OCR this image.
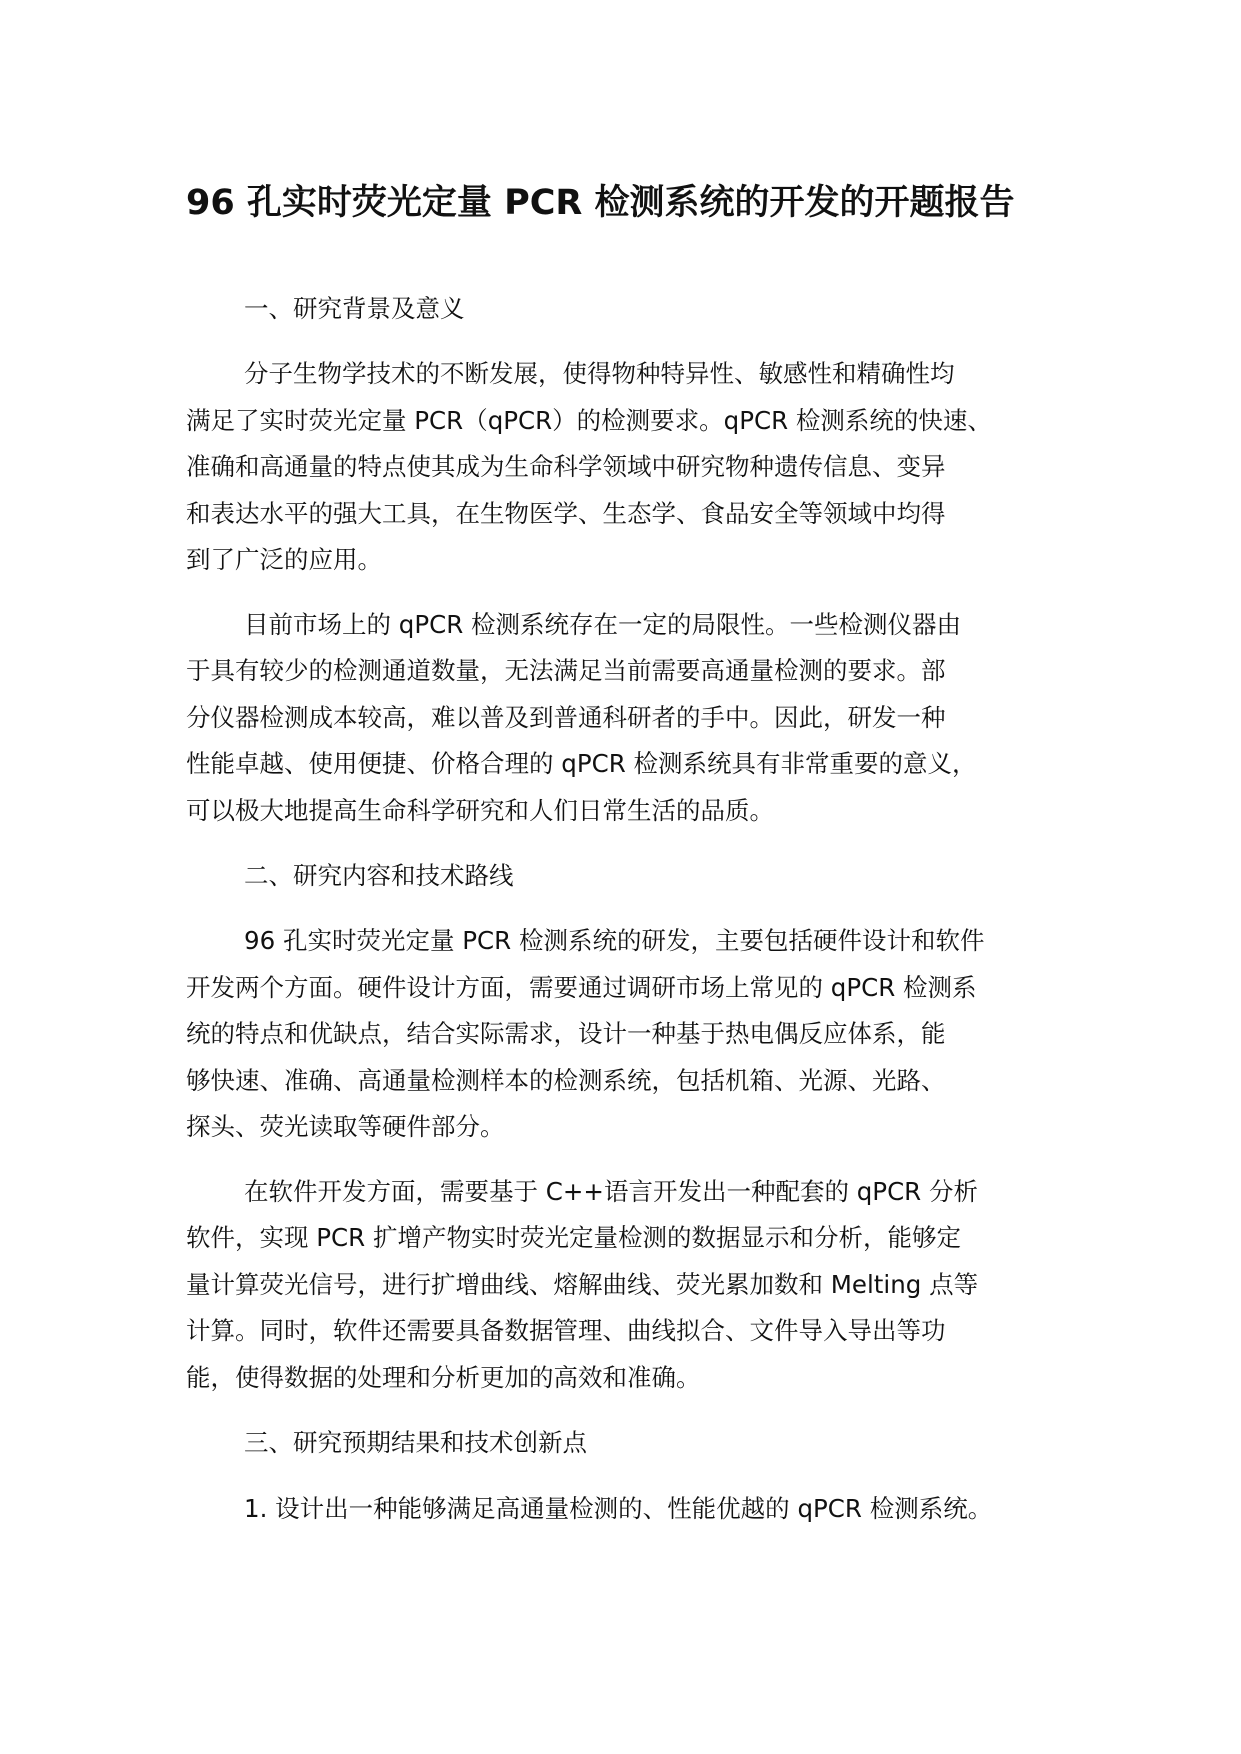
96 孔实时荧光定量 PCR 检测系统的开发的开题报告
一、研究背景及意义

分子生物学技术的不断发展，使得物种特异性、敏感性和精确性均
满足了实时荧光定量 PCR（qPCR）的检测要求。qPCR 检测系统的快速、
准确和高通量的特点使其成为生命科学领域中研究物种遗传信息、变异
和表达水平的强大工具，在生物医学、生态学、食品安全等领域中均得
到了广泛的应用。

目前市场上的 qPCR 检测系统存在一定的局限性。一些检测仪器由
于具有较少的检测通道数量，无法满足当前需要高通量检测的要求。部
分仪器检测成本较高，难以普及到普通科研者的手中。因此，研发一种
性能卓越、使用便捷、价格合理的 qPCR 检测系统具有非常重要的意义，
可以极大地提高生命科学研究和人们日常生活的品质。

二、研究内容和技术路线

96 孔实时荧光定量 PCR 检测系统的研发，主要包括硬件设计和软件
开发两个方面。硬件设计方面，需要通过调研市场上常见的 qPCR 检测系
统的特点和优缺点，结合实际需求，设计一种基于热电偶反应体系，能
够快速、准确、高通量检测样本的检测系统，包括机箱、光源、光路、
探头、荧光读取等硬件部分。

在软件开发方面，需要基于 C++语言开发出一种配套的 qPCR 分析
软件，实现 PCR 扩增产物实时荧光定量检测的数据显示和分析，能够定
量计算荧光信号，进行扩增曲线、熔解曲线、荧光累加数和 Melting 点等
计算。同时，软件还需要具备数据管理、曲线拟合、文件导入导出等功
能，使得数据的处理和分析更加的高效和准确。

三、研究预期结果和技术创新点

1. 设计出一种能够满足高通量检测的、性能优越的 qPCR 检测系统。
